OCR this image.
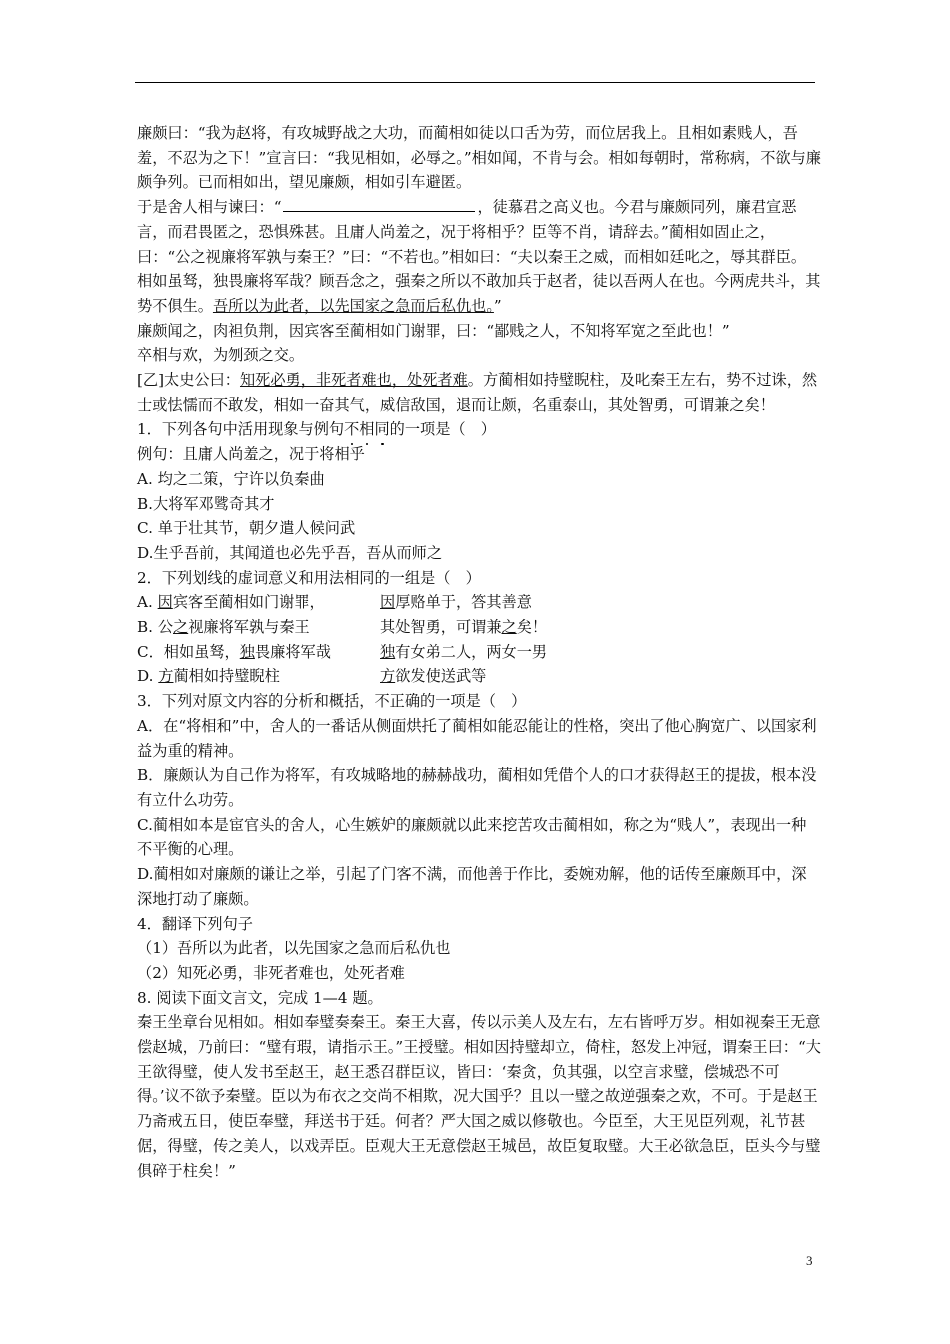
廉颇曰：“我为赵将，有攻城野战之大功，而蔺相如徒以口舌为劳，而位居我上。且相如素贱人，吾羞，不忍为之下！”宣言曰：“我见相如，必辱之。”相如闻，不肯与会。相如每朝时，常称病，不欲与廉颇争列。已而相如出，望见廉颇，相如引车避匿。

于是舍人相与谏曰：“	，徒慕君之高义也。今君与廉颇同列，廉君宣恶言，而君畏匿之，恐惧殊甚。且庸人尚羞之，况于将相乎？臣等不肖，请辞去。”蔺相如固止之，曰：“公之视廉将军孰与秦王？”曰：“不若也。”相如曰：“夫以秦王之威，而相如廷叱之，辱其群臣。相如虽驽，独畏廉将军哉？顾吾念之，强秦之所以不敢加兵于赵者，徒以吾两人在也。今两虎共斗，其势不俱生。吾所以为此者，以先国家之急而后私仇也。”

廉颇闻之，肉袒负荆，因宾客至蔺相如门谢罪，曰：“鄙贱之人，不知将军宽之至此也！”

卒相与欢，为刎颈之交。

[乙]太史公曰：知死必勇，非死者难也，处死者难。方蔺相如持璧睨柱，及叱秦王左右，势不过诛，然士或怯懦而不敢发，相如一奋其气，威信敌国，退而让颇，名重泰山，其处智勇，可谓兼之矣！

1．下列各句中活用现象与例句不相同的一项是（　）

例句：且庸人尚羞之，况于将相乎

A. 均之二策，宁许以负秦曲

B.大将军邓骘奇其才

C. 单于壮其节，朝夕遣人候问武

D.生乎吾前，其闻道也必先乎吾，吾从而师之

2．下列划线的虚词意义和用法相同的一组是（　）

A. 因宾客至蔺相如门谢罪，	因厚赂单于，答其善意
B. 公之视廉将军孰与秦王	其处智勇，可谓兼之矣！
C．相如虽驽，独畏廉将军哉	独有女弟二人，两女一男
D. 方蔺相如持璧睨柱	方欲发使送武等

3．下列对原文内容的分析和概括，不正确的一项是（　）

A．在“将相和”中，舍人的一番话从侧面烘托了蔺相如能忍能让的性格，突出了他心胸宽广、以国家利益为重的精神。

B．廉颇认为自己作为将军，有攻城略地的赫赫战功，蔺相如凭借个人的口才获得赵王的提拔，根本没有立什么功劳。

C.蔺相如本是宦官头的舍人，心生嫉妒的廉颇就以此来挖苦攻击蔺相如，称之为“贱人”，表现出一种不平衡的心理。

D.蔺相如对廉颇的谦让之举，引起了门客不满，而他善于作比，委婉劝解，他的话传至廉颇耳中，深深地打动了廉颇。

4．翻译下列句子

（1）吾所以为此者，以先国家之急而后私仇也

（2）知死必勇，非死者难也，处死者难

8. 阅读下面文言文，完成 1—4 题。

秦王坐章台见相如。相如奉璧奏秦王。秦王大喜，传以示美人及左右，左右皆呼万岁。相如视秦王无意偿赵城，乃前曰：“璧有瑕，请指示王。”王授璧。相如因持璧却立，倚柱，怒发上冲冠，谓秦王曰：“大王欲得璧，使人发书至赵王，赵王悉召群臣议，皆曰：‘秦贪，负其强，以空言求璧，偿城恐不可得。’议不欲予秦璧。臣以为布衣之交尚不相欺，况大国乎？且以一璧之故逆强秦之欢，不可。于是赵王乃斋戒五日，使臣奉璧，拜送书于廷。何者？严大国之威以修敬也。今臣至，大王见臣列观，礼节甚倨，得璧，传之美人，以戏弄臣。臣观大王无意偿赵王城邑，故臣复取璧。大王必欲急臣，臣头今与璧俱碎于柱矣！”

3
